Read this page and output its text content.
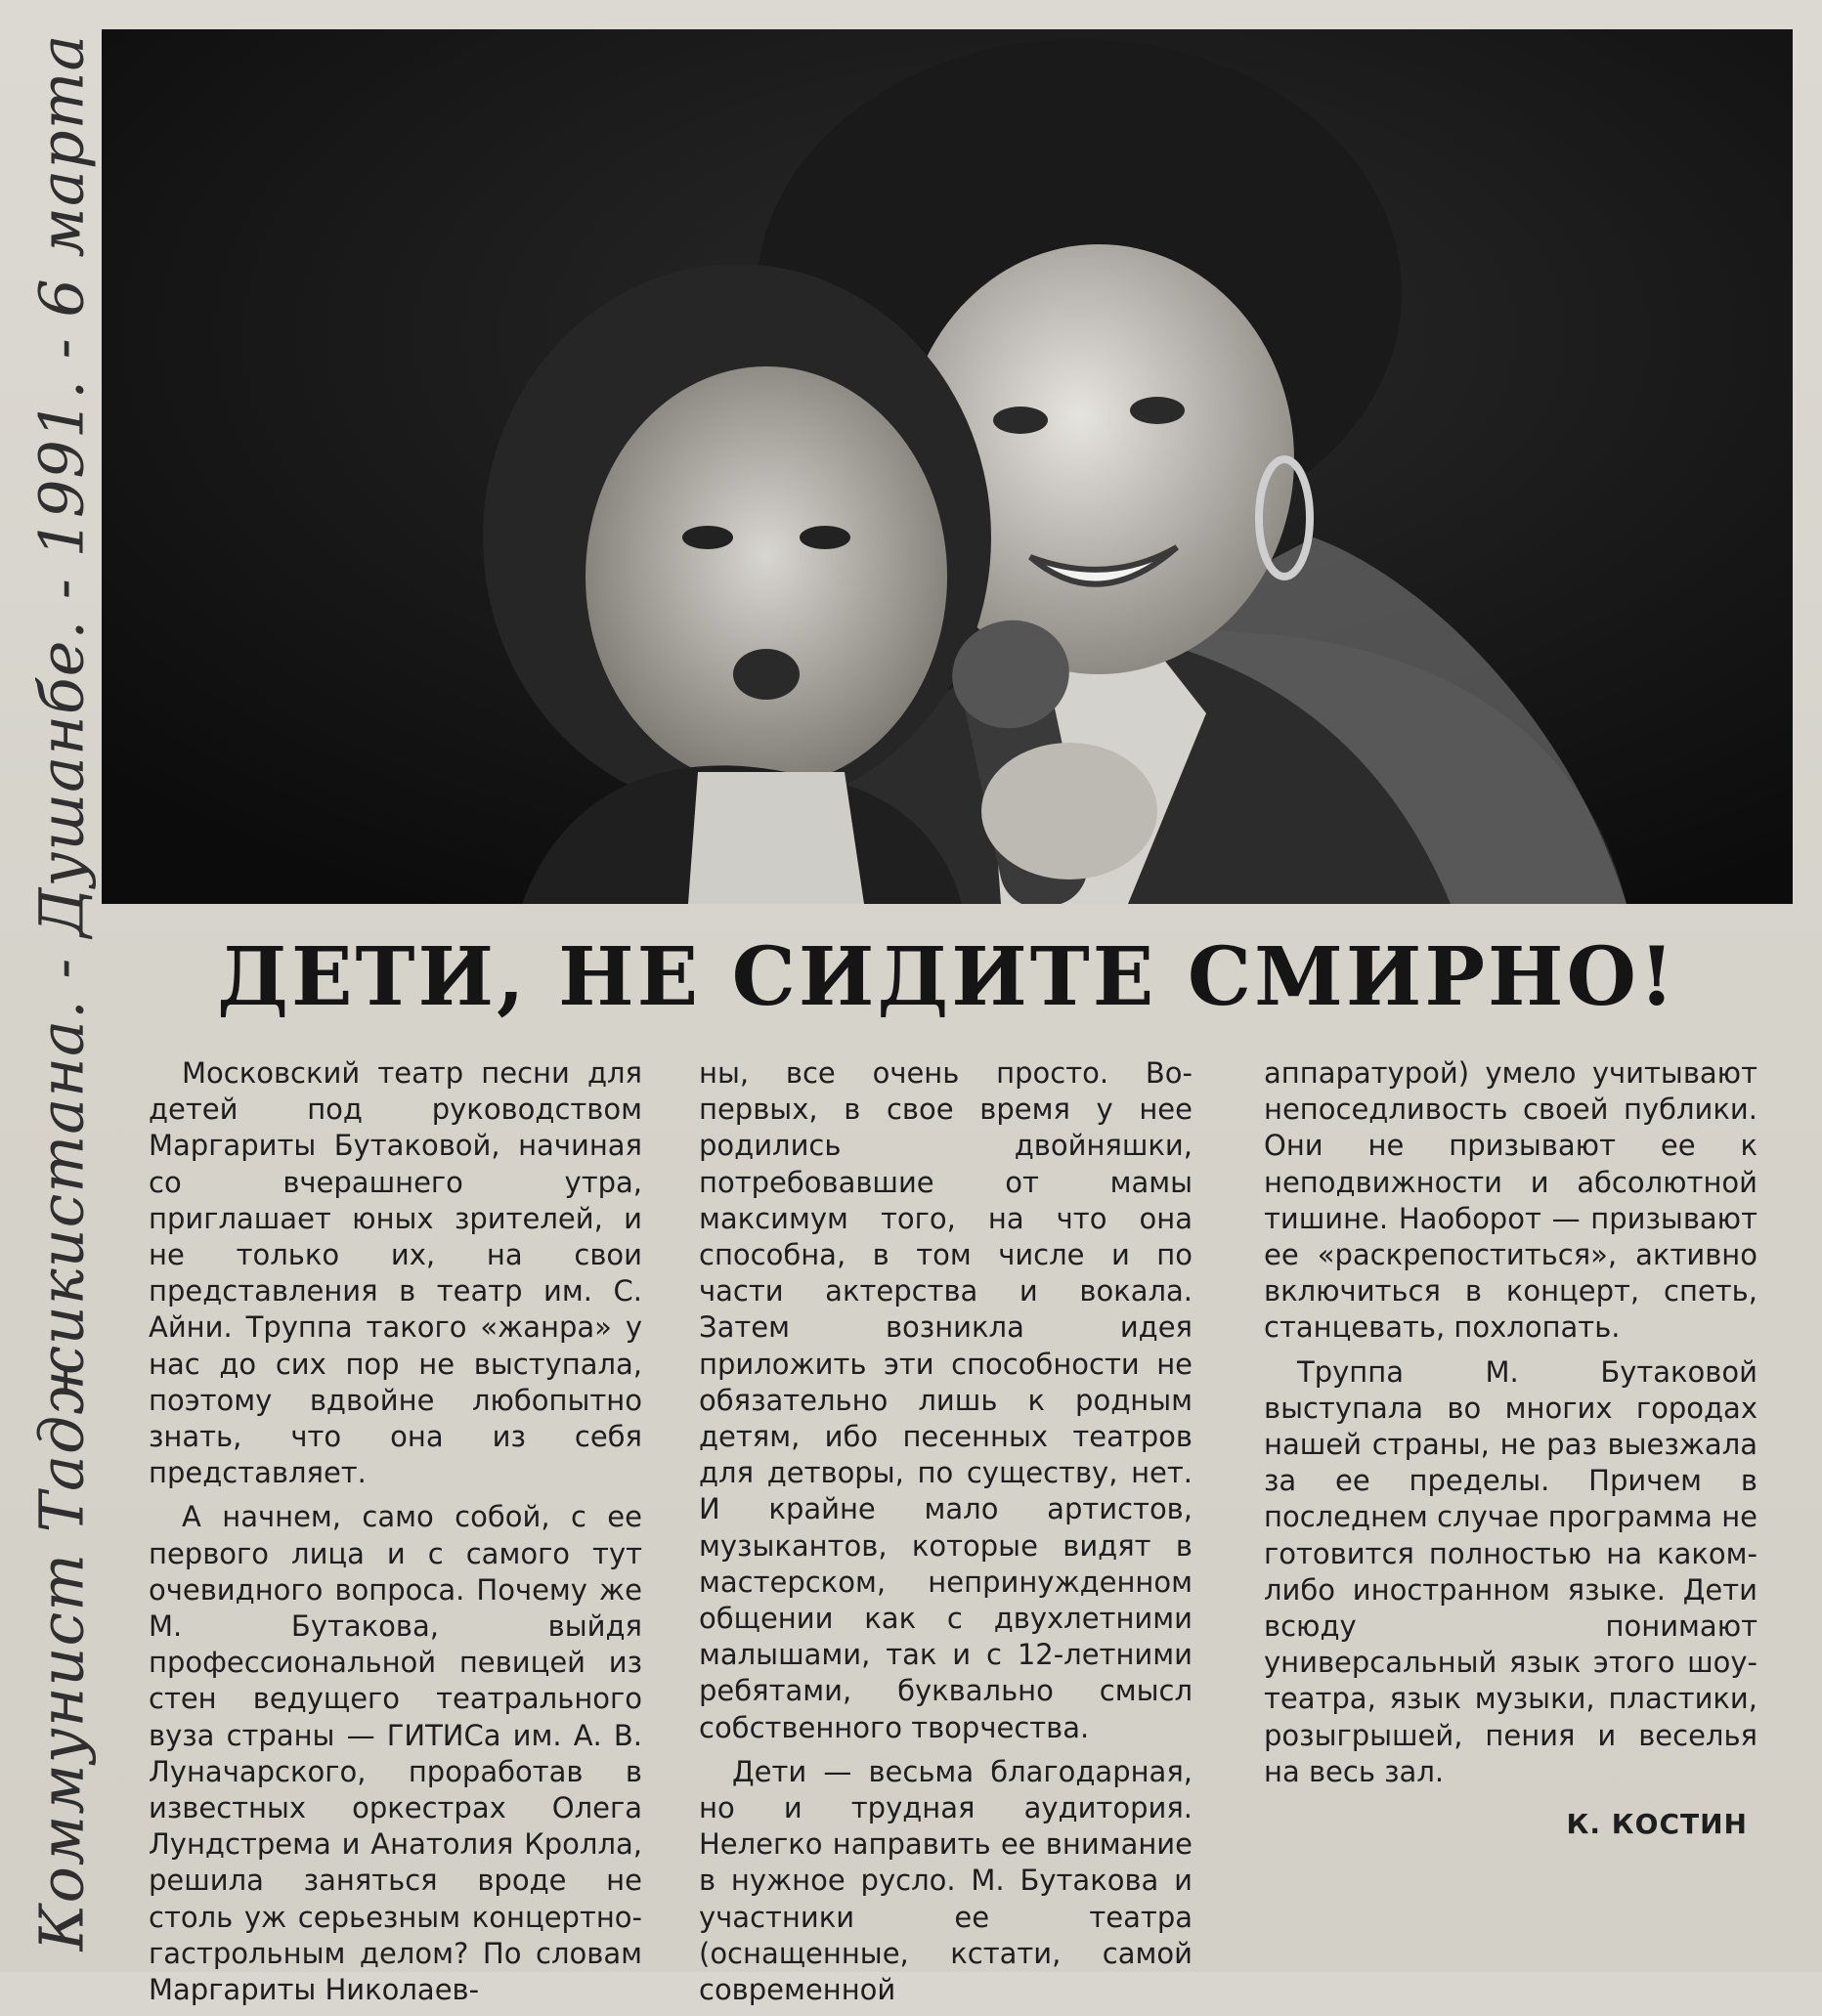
Коммунист Таджикистана. - Душанбе. - 1991. - 6 марта	ДЕТИ, НЕ СИДИТЕ СМИРНО!

Московский театр песни для детей под руководством Маргариты Бутаковой, начиная со вчерашнего утра, приглашает юных зрителей, и не только их, на свои представления в театр им. С. Айни. Труппа такого «жанра» у нас до сих пор не выступала, поэтому вдвойне любопытно знать, что она из себя представляет.

А начнем, само собой, с ее первого лица и с самого тут очевидного вопроса. Почему же М. Бутакова, выйдя профессиональной певицей из стен ведущего театрального вуза страны — ГИТИСа им. А. В. Луначарского, проработав в известных оркестрах Олега Лундстрема и Анатолия Кролла, решила заняться вроде не столь уж серьезным концертно-гастрольным делом? По словам Маргариты Николаев-

ны, все очень просто. Во-первых, в свое время у нее родились двойняшки, потребовавшие от мамы максимум того, на что она способна, в том числе и по части актерства и вокала. Затем возникла идея приложить эти способности не обязательно лишь к родным детям, ибо песенных театров для детворы, по существу, нет. И крайне мало артистов, музыкантов, которые видят в мастерском, непринужденном общении как с двухлетними малышами, так и с 12-летними ребятами, буквально смысл собственного творчества.

Дети — весьма благодарная, но и трудная аудитория. Нелегко направить ее внимание в нужное русло. М. Бутакова и участники ее театра (оснащенные, кстати, самой современной

аппаратурой) умело учитывают непоседливость своей публики. Они не призывают ее к неподвижности и абсолютной тишине. Наоборот — призывают ее «раскрепоститься», активно включиться в концерт, спеть, станцевать, похлопать.

Труппа М. Бутаковой выступала во многих городах нашей страны, не раз выезжала за ее пределы. Причем в последнем случае программа не готовится полностью на каком-либо иностранном языке. Дети всюду понимают универсальный язык этого шоу-театра, язык музыки, пластики, розыгрышей, пения и веселья на весь зал.

К. КОСТИН
